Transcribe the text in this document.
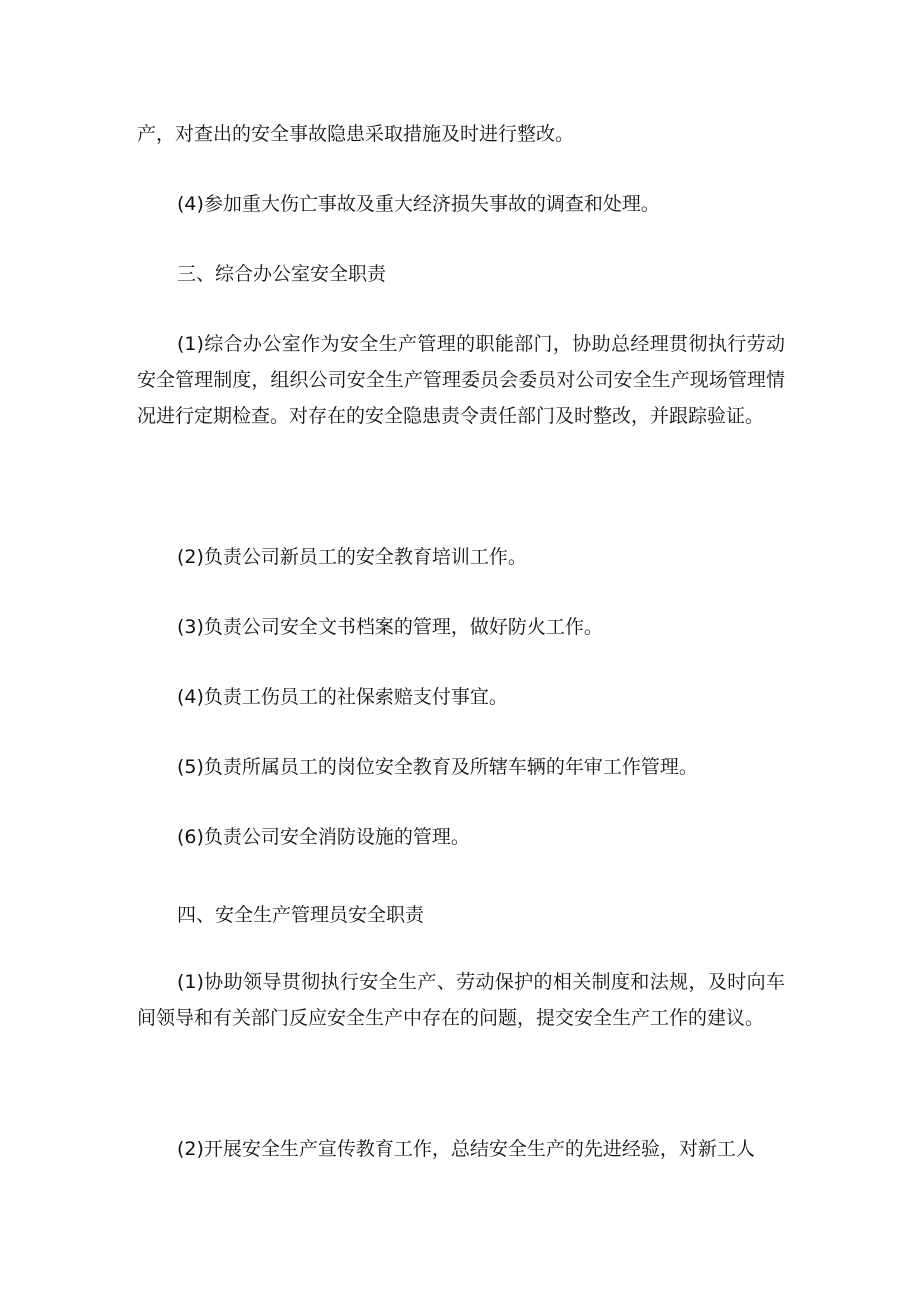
产，对查出的安全事故隐患采取措施及时进行整改。

(4)参加重大伤亡事故及重大经济损失事故的调查和处理。

三、综合办公室安全职责

(1)综合办公室作为安全生产管理的职能部门，协助总经理贯彻执行劳动安全管理制度，组织公司安全生产管理委员会委员对公司安全生产现场管理情况进行定期检查。对存在的安全隐患责令责任部门及时整改，并跟踪验证。

(2)负责公司新员工的安全教育培训工作。

(3)负责公司安全文书档案的管理，做好防火工作。

(4)负责工伤员工的社保索赔支付事宜。

(5)负责所属员工的岗位安全教育及所辖车辆的年审工作管理。

(6)负责公司安全消防设施的管理。

四、安全生产管理员安全职责

(1)协助领导贯彻执行安全生产、劳动保护的相关制度和法规，及时向车间领导和有关部门反应安全生产中存在的问题，提交安全生产工作的建议。

(2)开展安全生产宣传教育工作，总结安全生产的先进经验，对新工人
